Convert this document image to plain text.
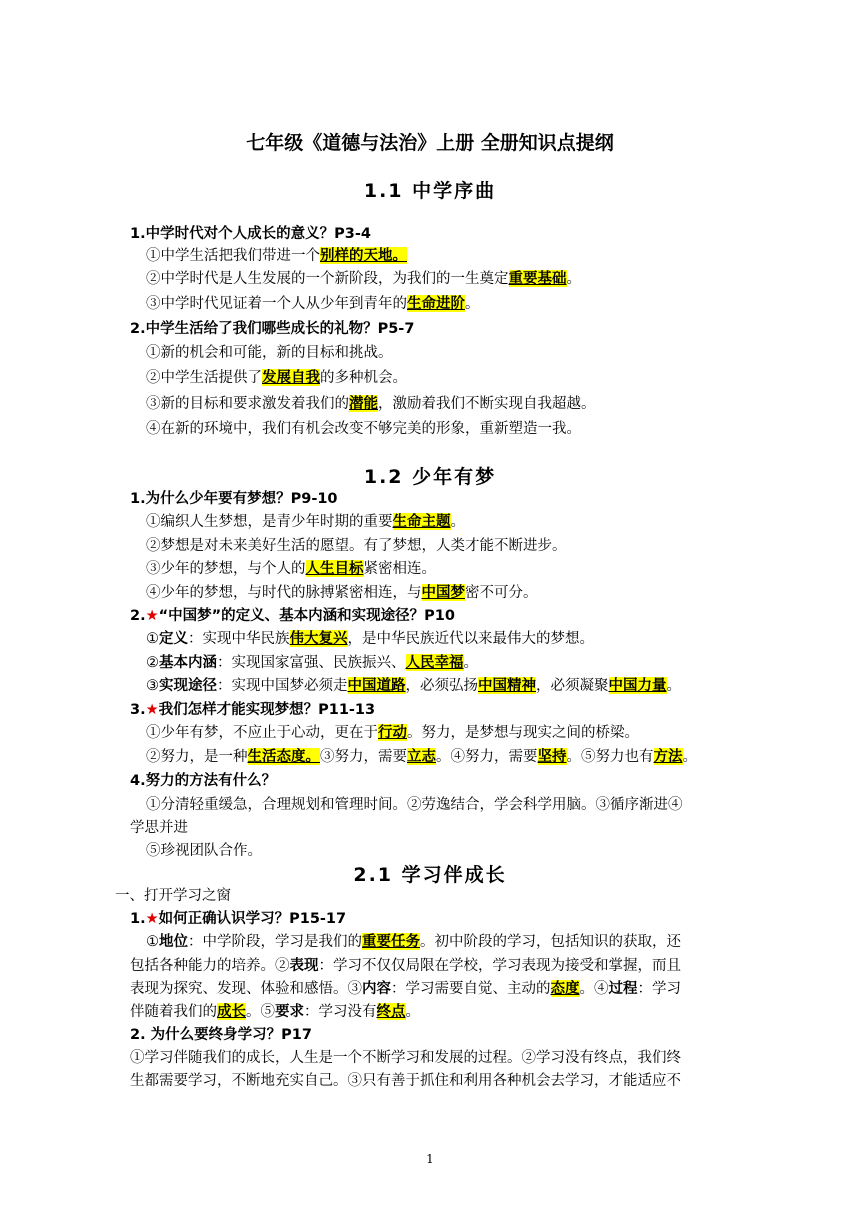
七年级《道德与法治》上册 全册知识点提纲
1.1 中学序曲
1.中学时代对个人成长的意义？P3-4
①中学生活把我们带进一个别样的天地。
②中学时代是人生发展的一个新阶段，为我们的一生奠定重要基础。
③中学时代见证着一个人从少年到青年的生命进阶。
2.中学生活给了我们哪些成长的礼物？P5-7
①新的机会和可能，新的目标和挑战。
②中学生活提供了发展自我的多种机会。
③新的目标和要求激发着我们的潜能，激励着我们不断实现自我超越。
④在新的环境中，我们有机会改变不够完美的形象，重新塑造一我。
1.2 少年有梦
1.为什么少年要有梦想？P9-10
①编织人生梦想，是青少年时期的重要生命主题。
②梦想是对未来美好生活的愿望。有了梦想，人类才能不断进步。
③少年的梦想，与个人的人生目标紧密相连。
④少年的梦想，与时代的脉搏紧密相连，与中国梦密不可分。
2.★“中国梦”的定义、基本内涵和实现途径？P10
①定义：实现中华民族伟大复兴，是中华民族近代以来最伟大的梦想。
②基本内涵：实现国家富强、民族振兴、人民幸福。
③实现途径：实现中国梦必须走中国道路，必须弘扬中国精神，必须凝聚中国力量。
3.★我们怎样才能实现梦想？P11-13
①少年有梦，不应止于心动，更在于行动。努力，是梦想与现实之间的桥梁。
②努力，是一种生活态度。③努力，需要立志。④努力，需要坚持。⑤努力也有方法。
4.努力的方法有什么？
①分清轻重缓急，合理规划和管理时间。②劳逸结合，学会科学用脑。③循序渐进④
学思并进
⑤珍视团队合作。
2.1 学习伴成长
一、打开学习之窗
1.★如何正确认识学习？P15-17
①地位：中学阶段，学习是我们的重要任务。初中阶段的学习，包括知识的获取，还
包括各种能力的培养。②表现：学习不仅仅局限在学校，学习表现为接受和掌握，而且
表现为探究、发现、体验和感悟。③内容：学习需要自觉、主动的态度。④过程：学习
伴随着我们的成长。⑤要求：学习没有终点。
2. 为什么要终身学习？P17
①学习伴随我们的成长，人生是一个不断学习和发展的过程。②学习没有终点，我们终
生都需要学习，不断地充实自己。③只有善于抓住和利用各种机会去学习，才能适应不
1
